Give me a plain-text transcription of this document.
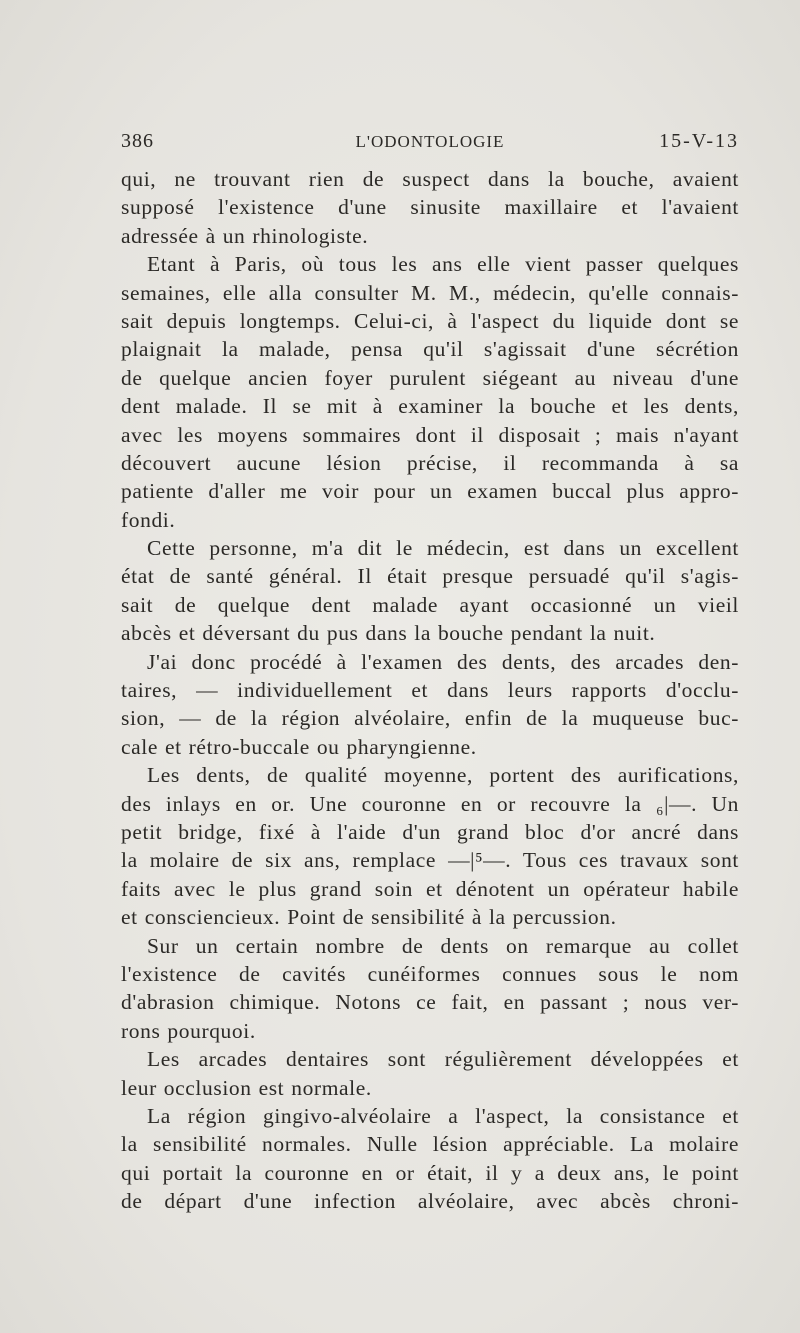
386	L'ODONTOLOGIE	15-V-13
qui, ne trouvant rien de suspect dans la bouche, avaient
supposé l'existence d'une sinusite maxillaire et l'avaient
adressée à un rhinologiste.
Etant à Paris, où tous les ans elle vient passer quelques
semaines, elle alla consulter M. M., médecin, qu'elle connais-
sait depuis longtemps. Celui-ci, à l'aspect du liquide dont se
plaignait la malade, pensa qu'il s'agissait d'une sécrétion
de quelque ancien foyer purulent siégeant au niveau d'une
dent malade. Il se mit à examiner la bouche et les dents,
avec les moyens sommaires dont il disposait ; mais n'ayant
découvert aucune lésion précise, il recommanda à sa
patiente d'aller me voir pour un examen buccal plus appro-
fondi.
Cette personne, m'a dit le médecin, est dans un excellent
état de santé général. Il était presque persuadé qu'il s'agis-
sait de quelque dent malade ayant occasionné un vieil
abcès et déversant du pus dans la bouche pendant la nuit.
J'ai donc procédé à l'examen des dents, des arcades den-
taires, — individuellement et dans leurs rapports d'occlu-
sion, — de la région alvéolaire, enfin de la muqueuse buc-
cale et rétro-buccale ou pharyngienne.
Les dents, de qualité moyenne, portent des aurifications,
des inlays en or. Une couronne en or recouvre la ₆|—. Un
petit bridge, fixé à l'aide d'un grand bloc d'or ancré dans
la molaire de six ans, remplace —|⁵—. Tous ces travaux sont
faits avec le plus grand soin et dénotent un opérateur habile
et consciencieux. Point de sensibilité à la percussion.
Sur un certain nombre de dents on remarque au collet
l'existence de cavités cunéiformes connues sous le nom
d'abrasion chimique. Notons ce fait, en passant ; nous ver-
rons pourquoi.
Les arcades dentaires sont régulièrement développées et
leur occlusion est normale.
La région gingivo-alvéolaire a l'aspect, la consistance et
la sensibilité normales. Nulle lésion appréciable. La molaire
qui portait la couronne en or était, il y a deux ans, le point
de départ d'une infection alvéolaire, avec abcès chroni-
